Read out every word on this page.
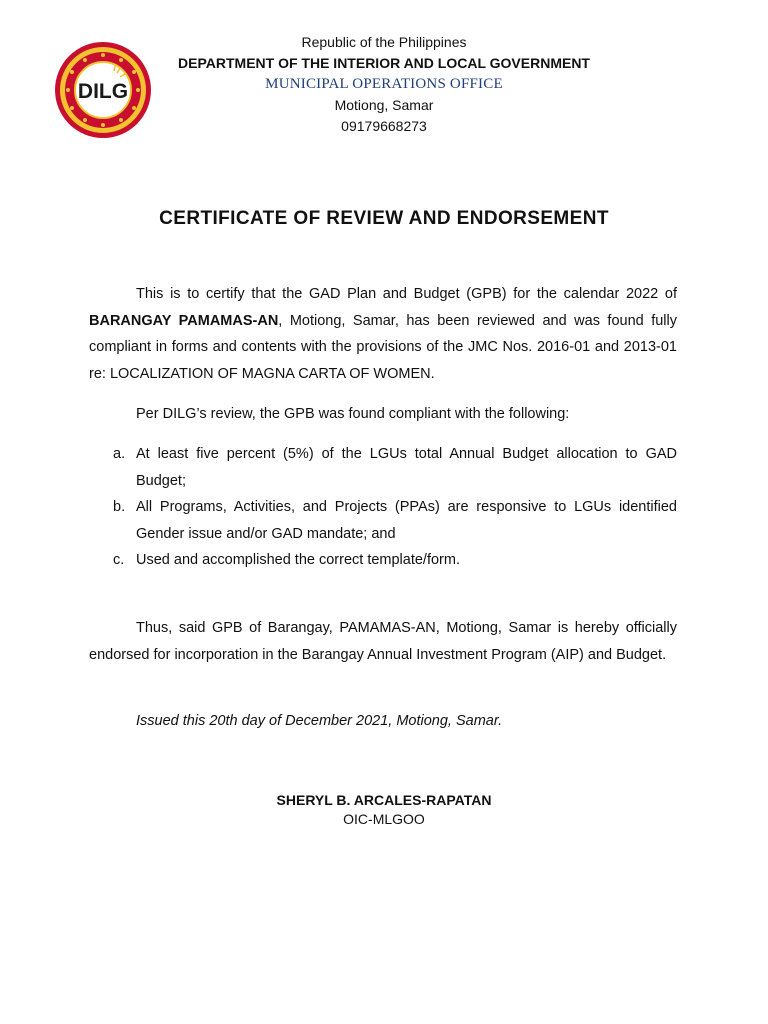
DILG
Republic of the Philippines
DEPARTMENT OF THE INTERIOR AND LOCAL GOVERNMENT
MUNICIPAL OPERATIONS OFFICE
Motiong, Samar
09179668273
CERTIFICATE OF REVIEW AND ENDORSEMENT

This is to certify that the GAD Plan and Budget (GPB) for the calendar 2022 of BARANGAY PAMAMAS-AN, Motiong, Samar, has been reviewed and was found fully compliant in forms and contents with the provisions of the JMC Nos. 2016-01 and 2013-01 re: LOCALIZATION OF MAGNA CARTA OF WOMEN.

Per DILG’s review, the GPB was found compliant with the following:

a. At least five percent (5%) of the LGUs total Annual Budget allocation to GAD Budget;
b. All Programs, Activities, and Projects (PPAs) are responsive to LGUs identified Gender issue and/or GAD mandate; and
c. Used and accomplished the correct template/form.

Thus, said GPB of Barangay, PAMAMAS-AN, Motiong, Samar is hereby officially endorsed for incorporation in the Barangay Annual Investment Program (AIP) and Budget.

Issued this 20th day of December 2021, Motiong, Samar.

SHERYL B. ARCALES-RAPATAN
OIC-MLGOO
